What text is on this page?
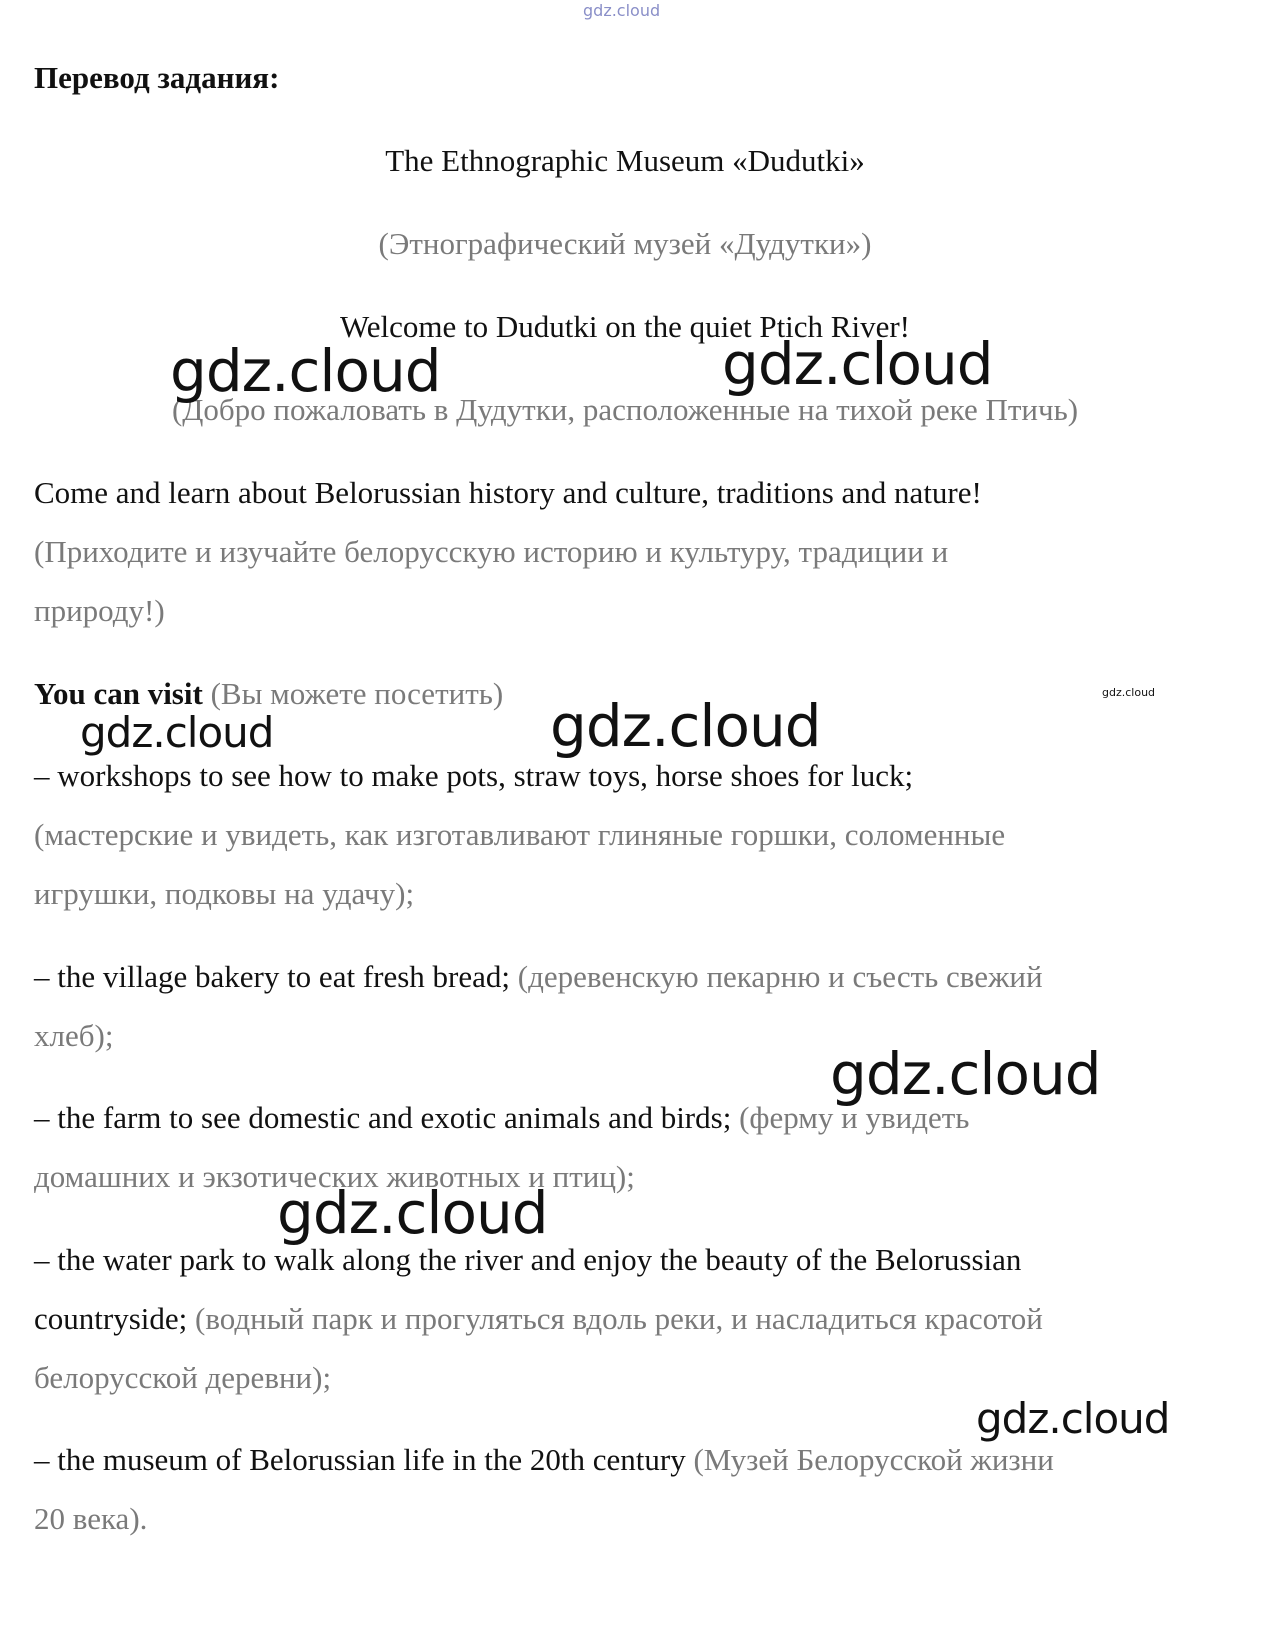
gdz.cloud
Перевод задания:
The Ethnographic Museum «Dudutki»
(Этнографический музей «Дудутки»)
Welcome to Dudutki on the quiet Ptich River!
(Добро пожаловать в Дудутки, расположенные на тихой реке Птичь)
Come and learn about Belorussian history and culture, traditions and nature!
(Приходите и изучайте белорусскую историю и культуру, традиции и
природу!)
You can visit (Вы можете посетить)
– workshops to see how to make pots, straw toys, horse shoes for luck;
(мастерские и увидеть, как изготавливают глиняные горшки, соломенные
игрушки, подковы на удачу);
– the village bakery to eat fresh bread; (деревенскую пекарню и съесть свежий
хлеб);
– the farm to see domestic and exotic animals and birds; (ферму и увидеть
домашних и экзотических животных и птиц);
– the water park to walk along the river and enjoy the beauty of the Belorussian
countryside; (водный парк и прогуляться вдоль реки, и насладиться красотой
белорусской деревни);
– the museum of Belorussian life in the 20th century (Музей Белорусской жизни
20 века).
gdz.cloud	gdz.cloud
gdz.cloud	gdz.cloud	gdz.cloud
gdz.cloud
gdz.cloud
gdz.cloud
